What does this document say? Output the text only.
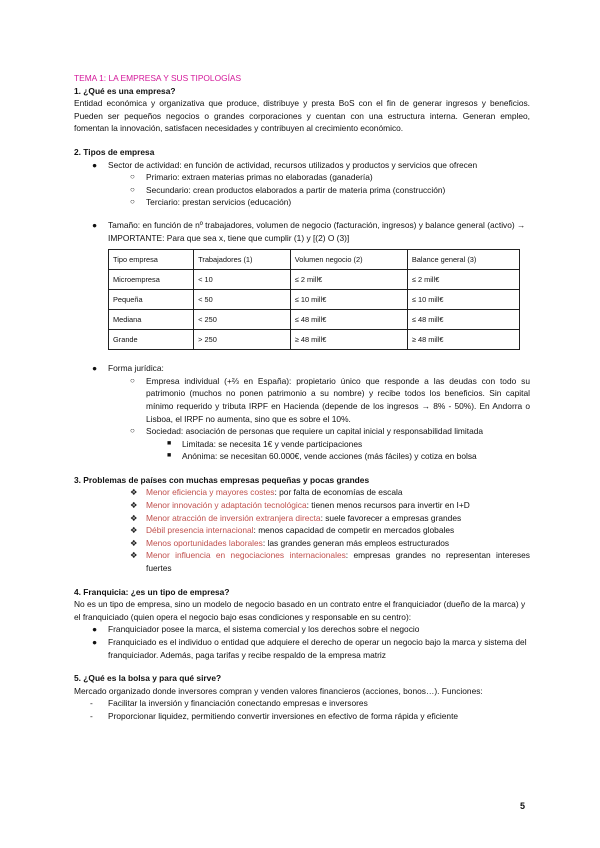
TEMA 1: LA EMPRESA Y SUS TIPOLOGÍAS

1. ¿Qué es una empresa?

Entidad económica y organizativa que produce, distribuye y presta BoS con el fin de generar ingresos y beneficios. Pueden ser pequeños negocios o grandes corporaciones y cuentan con una estructura interna. Generan empleo, fomentan la innovación, satisfacen necesidades y contribuyen al crecimiento económico.

2. Tipos de empresa

● Sector de actividad: en función de actividad, recursos utilizados y productos y servicios que ofrecen
○ Primario: extraen materias primas no elaboradas (ganadería)
○ Secundario: crean productos elaborados a partir de materia prima (construcción)
○ Terciario: prestan servicios (educación)
● Tamaño: en función de nº trabajadores, volumen de negocio (facturación, ingresos) y balance general (activo) → IMPORTANTE: Para que sea x, tiene que cumplir (1) y [(2) O (3)]
Tipo empresa	Trabajadores (1)	Volumen negocio (2)	Balance general (3)
Microempresa	< 10	≤ 2 mill€	≤ 2 mill€
Pequeña	< 50	≤ 10 mill€	≤ 10 mill€
Mediana	< 250	≤ 48 mill€	≤ 48 mill€
Grande	> 250	≥ 48 mill€	≥ 48 mill€
● Forma jurídica:
○ Empresa individual (+⅔ en España): propietario único que responde a las deudas con todo su patrimonio (muchos no ponen patrimonio a su nombre) y recibe todos los beneficios. Sin capital mínimo requerido y tributa IRPF en Hacienda (depende de los ingresos → 8% - 50%). En Andorra o Lisboa, el IRPF no aumenta, sino que es sobre el 10%.
○ Sociedad: asociación de personas que requiere un capital inicial y responsabilidad limitada
■ Limitada: se necesita 1€ y vende participaciones
■ Anónima: se necesitan 60.000€, vende acciones (más fáciles) y cotiza en bolsa

3. Problemas de países con muchas empresas pequeñas y pocas grandes

❖ Menor eficiencia y mayores costes: por falta de economías de escala
❖ Menor innovación y adaptación tecnológica: tienen menos recursos para invertir en I+D
❖ Menor atracción de inversión extranjera directa: suele favorecer a empresas grandes
❖ Débil presencia internacional: menos capacidad de competir en mercados globales
❖ Menos oportunidades laborales: las grandes generan más empleos estructurados
❖ Menor influencia en negociaciones internacionales: empresas grandes no representan intereses fuertes

4. Franquicia: ¿es un tipo de empresa?

No es un tipo de empresa, sino un modelo de negocio basado en un contrato entre el franquiciador (dueño de la marca) y el franquiciado (quien opera el negocio bajo esas condiciones y responsable en su centro):

● Franquiciador posee la marca, el sistema comercial y los derechos sobre el negocio
● Franquiciado es el individuo o entidad que adquiere el derecho de operar un negocio bajo la marca y sistema del franquiciador. Además, paga tarifas y recibe respaldo de la empresa matriz

5. ¿Qué es la bolsa y para qué sirve?

Mercado organizado donde inversores compran y venden valores financieros (acciones, bonos…). Funciones:

- Facilitar la inversión y financiación conectando empresas e inversores
- Proporcionar liquidez, permitiendo convertir inversiones en efectivo de forma rápida y eficiente
5
